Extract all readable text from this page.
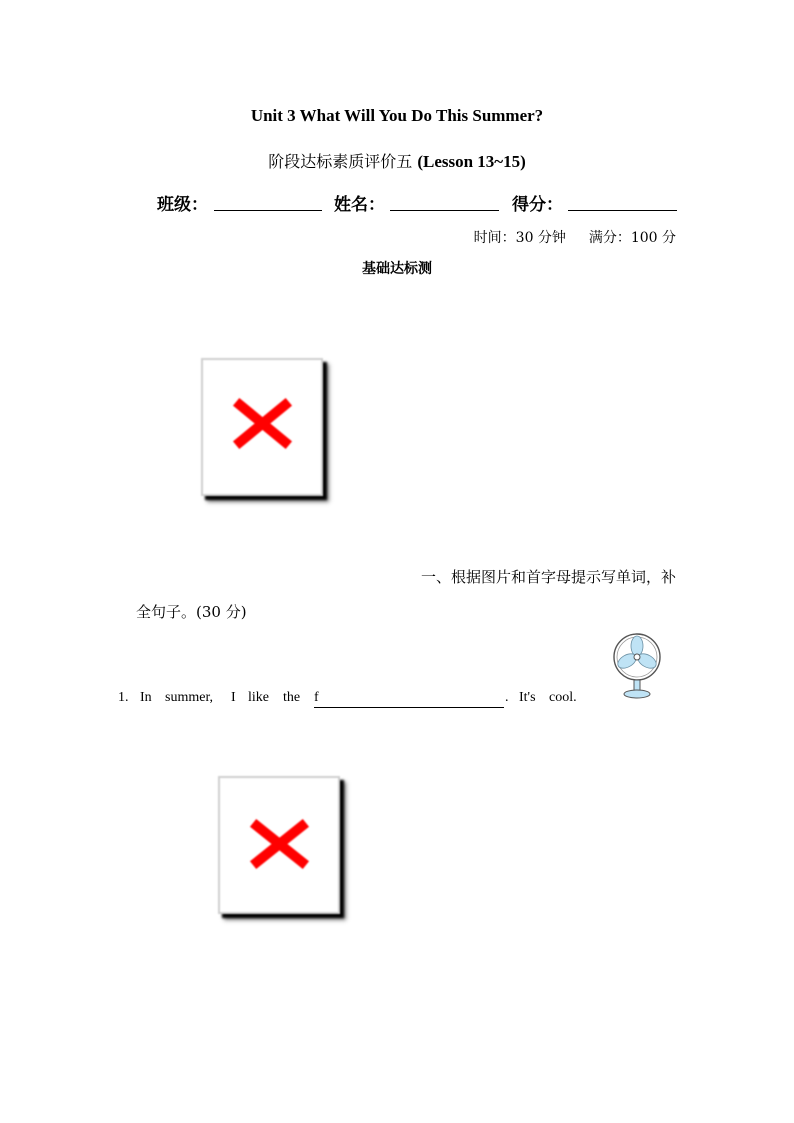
Unit 3 What Will You Do This Summer?
阶段达标素质评价五 (Lesson 13~15)
班级：	姓名：	得分：
时间：30 分钟 满分：100 分
基础达标测
一、根据图片和首字母提示写单词，补
全句子。(30 分)
1. In summer, I like the f	. It's cool.
